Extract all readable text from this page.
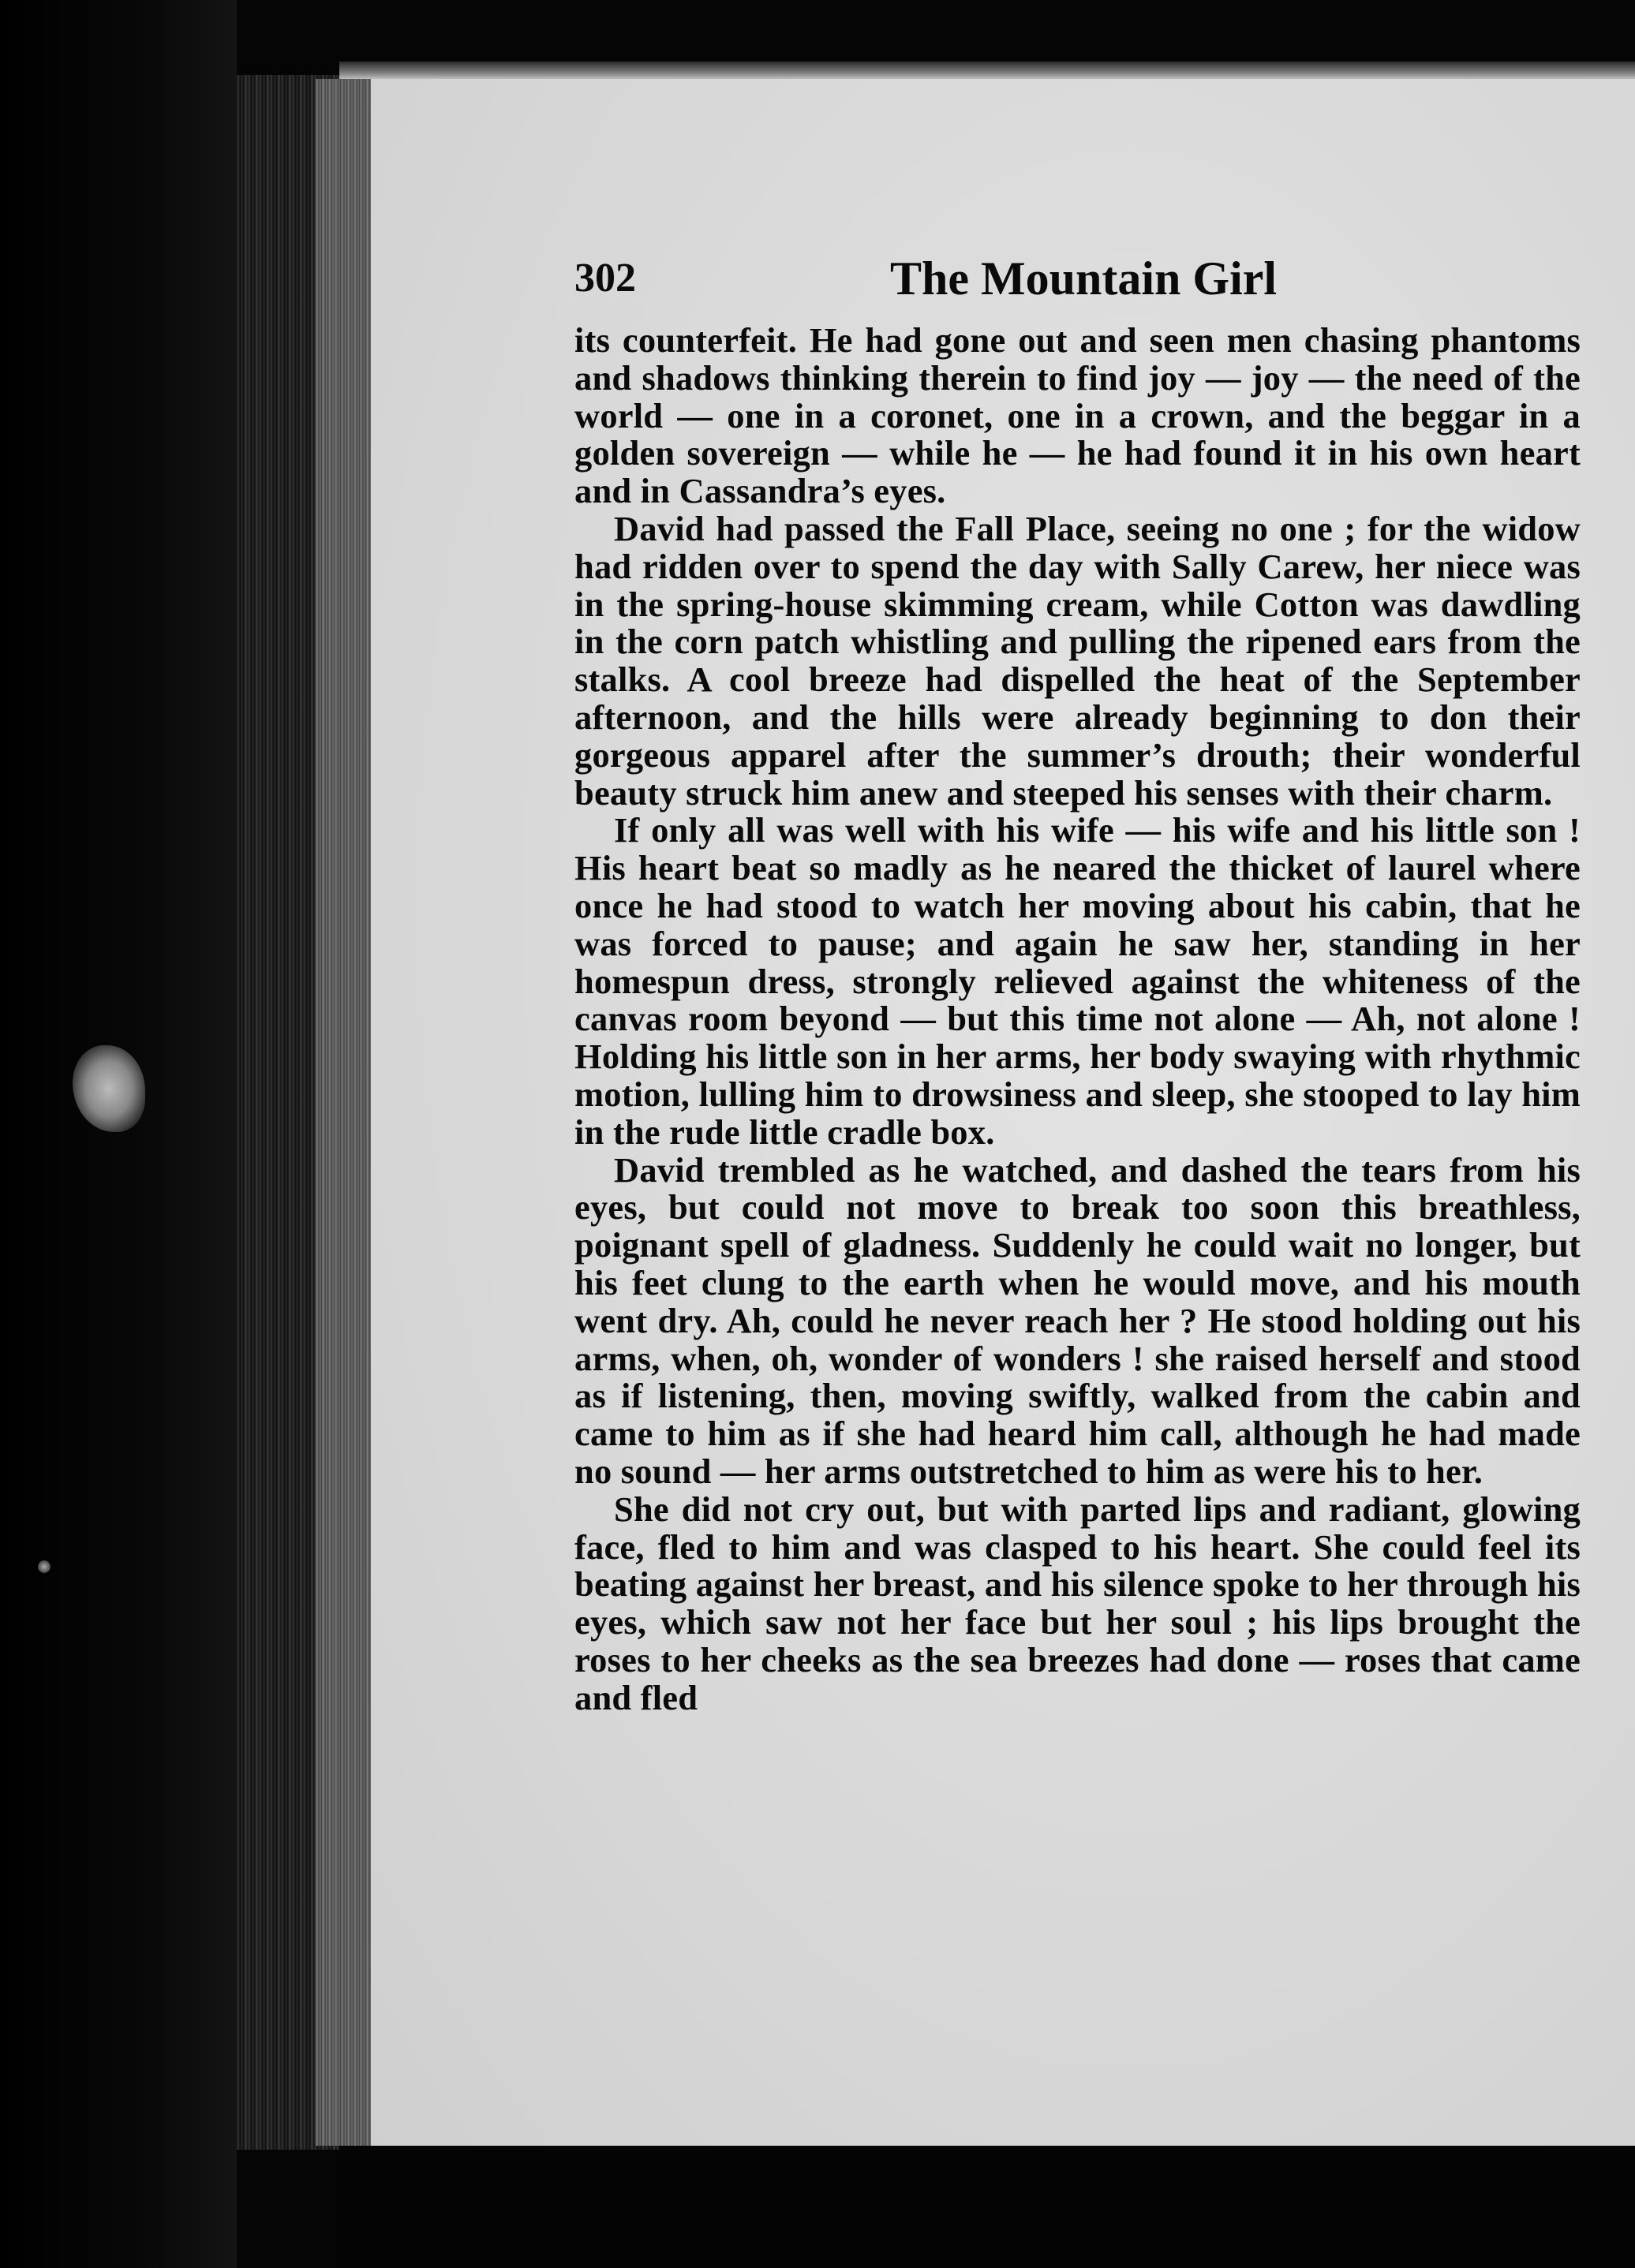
302	The Mountain Girl

its counterfeit. He had gone out and seen men chasing phantoms and shadows thinking therein to find joy — joy — the need of the world — one in a coronet, one in a crown, and the beggar in a golden sovereign — while he — he had found it in his own heart and in Cassandra’s eyes.

David had passed the Fall Place, seeing no one ; for the widow had ridden over to spend the day with Sally Carew, her niece was in the spring-house skimming cream, while Cotton was dawdling in the corn patch whistling and pulling the ripened ears from the stalks. A cool breeze had dispelled the heat of the September afternoon, and the hills were already beginning to don their gorgeous apparel after the summer’s drouth; their wonderful beauty struck him anew and steeped his senses with their charm.

If only all was well with his wife — his wife and his little son ! His heart beat so madly as he neared the thicket of laurel where once he had stood to watch her moving about his cabin, that he was forced to pause; and again he saw her, standing in her homespun dress, strongly relieved against the whiteness of the canvas room beyond — but this time not alone — Ah, not alone ! Holding his little son in her arms, her body swaying with rhythmic motion, lulling him to drowsiness and sleep, she stooped to lay him in the rude little cradle box.

David trembled as he watched, and dashed the tears from his eyes, but could not move to break too soon this breathless, poignant spell of gladness. Suddenly he could wait no longer, but his feet clung to the earth when he would move, and his mouth went dry. Ah, could he never reach her ? He stood holding out his arms, when, oh, wonder of wonders ! she raised herself and stood as if listening, then, moving swiftly, walked from the cabin and came to him as if she had heard him call, although he had made no sound — her arms outstretched to him as were his to her.

She did not cry out, but with parted lips and radiant, glowing face, fled to him and was clasped to his heart. She could feel its beating against her breast, and his silence spoke to her through his eyes, which saw not her face but her soul ; his lips brought the roses to her cheeks as the sea breezes had done — roses that came and fled
